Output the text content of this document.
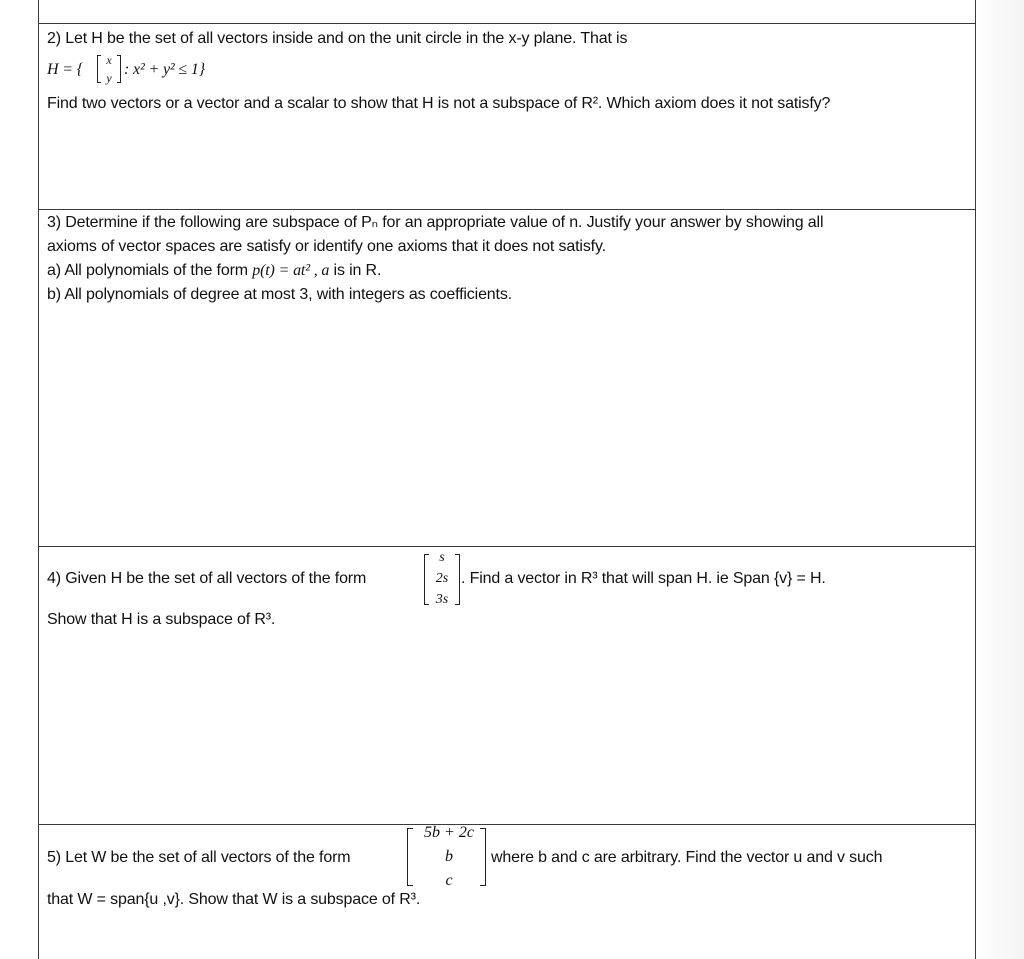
2) Let H be the set of all vectors inside and on the unit circle in the x-y plane. That is
H = {
x
y : x² + y² ≤ 1}
Find two vectors or a vector and a scalar to show that H is not a subspace of R². Which axiom does it not satisfy?
3) Determine if the following are subspace of Pₙ for an appropriate value of n. Justify your answer by showing all
axioms of vector spaces are satisfy or identify one axioms that it does not satisfy.
a) All polynomials of the form p(t) = at² , a is in R.
b) All polynomials of degree at most 3, with integers as coefficients.
4) Given H be the set of all vectors of the form
s
2s
3s
. Find a vector in R³ that will span H. ie Span {v} = H.
Show that H is a subspace of R³.
5) Let W be the set of all vectors of the form
5b + 2c
b
c
where b and c are arbitrary. Find the vector u and v such
that W = span{u ,v}. Show that W is a subspace of R³.
